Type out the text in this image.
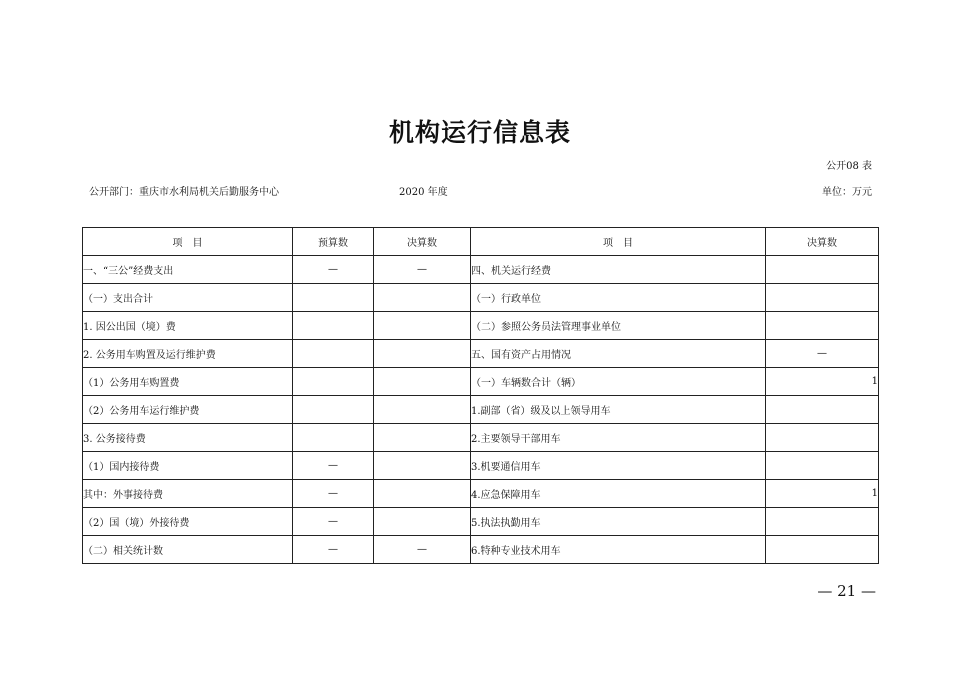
机构运行信息表
公开08 表
公开部门：重庆市水利局机关后勤服务中心	2020 年度	单位：万元
项　目	预算数	决算数	项　目	决算数
一、“三公”经费支出	—	—	四、机关运行经费	
（一）支出合计			（一）行政单位	
1. 因公出国（境）费			（二）参照公务员法管理事业单位	
2. 公务用车购置及运行维护费			五、国有资产占用情况	—
（1）公务用车购置费			（一）车辆数合计（辆）	1
（2）公务用车运行维护费			1.副部（省）级及以上领导用车	
3. 公务接待费			2.主要领导干部用车	
（1）国内接待费	—		3.机要通信用车	
其中：外事接待费	—		4.应急保障用车	1
（2）国（境）外接待费	—		5.执法执勤用车	
（二）相关统计数	—	—	6.特种专业技术用车	
— 21 —
